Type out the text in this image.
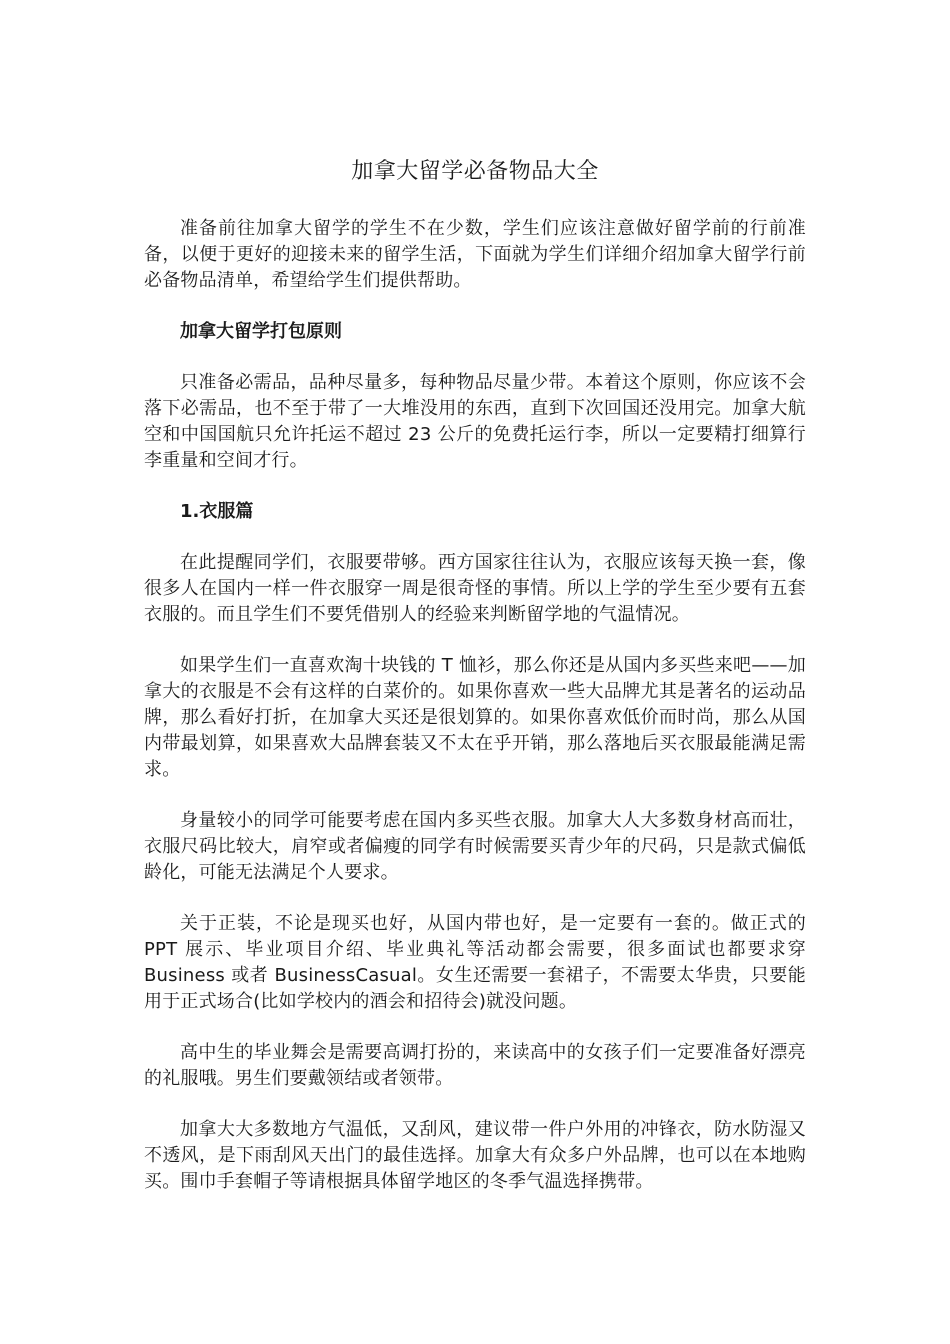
加拿大留学必备物品大全

准备前往加拿大留学的学生不在少数，学生们应该注意做好留学前的行前准备，以便于更好的迎接未来的留学生活，下面就为学生们详细介绍加拿大留学行前必备物品清单，希望给学生们提供帮助。

加拿大留学打包原则

只准备必需品，品种尽量多，每种物品尽量少带。本着这个原则，你应该不会落下必需品，也不至于带了一大堆没用的东西，直到下次回国还没用完。加拿大航空和中国国航只允许托运不超过 23 公斤的免费托运行李，所以一定要精打细算行李重量和空间才行。

1.衣服篇

在此提醒同学们，衣服要带够。西方国家往往认为，衣服应该每天换一套，像很多人在国内一样一件衣服穿一周是很奇怪的事情。所以上学的学生至少要有五套衣服的。而且学生们不要凭借别人的经验来判断留学地的气温情况。

如果学生们一直喜欢淘十块钱的 T 恤衫，那么你还是从国内多买些来吧——加拿大的衣服是不会有这样的白菜价的。如果你喜欢一些大品牌尤其是著名的运动品牌，那么看好打折，在加拿大买还是很划算的。如果你喜欢低价而时尚，那么从国内带最划算，如果喜欢大品牌套装又不太在乎开销，那么落地后买衣服最能满足需求。

身量较小的同学可能要考虑在国内多买些衣服。加拿大人大多数身材高而壮，衣服尺码比较大，肩窄或者偏瘦的同学有时候需要买青少年的尺码，只是款式偏低龄化，可能无法满足个人要求。

关于正装，不论是现买也好，从国内带也好，是一定要有一套的。做正式的 PPT 展示、毕业项目介绍、毕业典礼等活动都会需要，很多面试也都要求穿 Business 或者 BusinessCasual。女生还需要一套裙子，不需要太华贵，只要能用于正式场合(比如学校内的酒会和招待会)就没问题。

高中生的毕业舞会是需要高调打扮的，来读高中的女孩子们一定要准备好漂亮的礼服哦。男生们要戴领结或者领带。

加拿大大多数地方气温低，又刮风，建议带一件户外用的冲锋衣，防水防湿又不透风，是下雨刮风天出门的最佳选择。加拿大有众多户外品牌，也可以在本地购买。围巾手套帽子等请根据具体留学地区的冬季气温选择携带。
